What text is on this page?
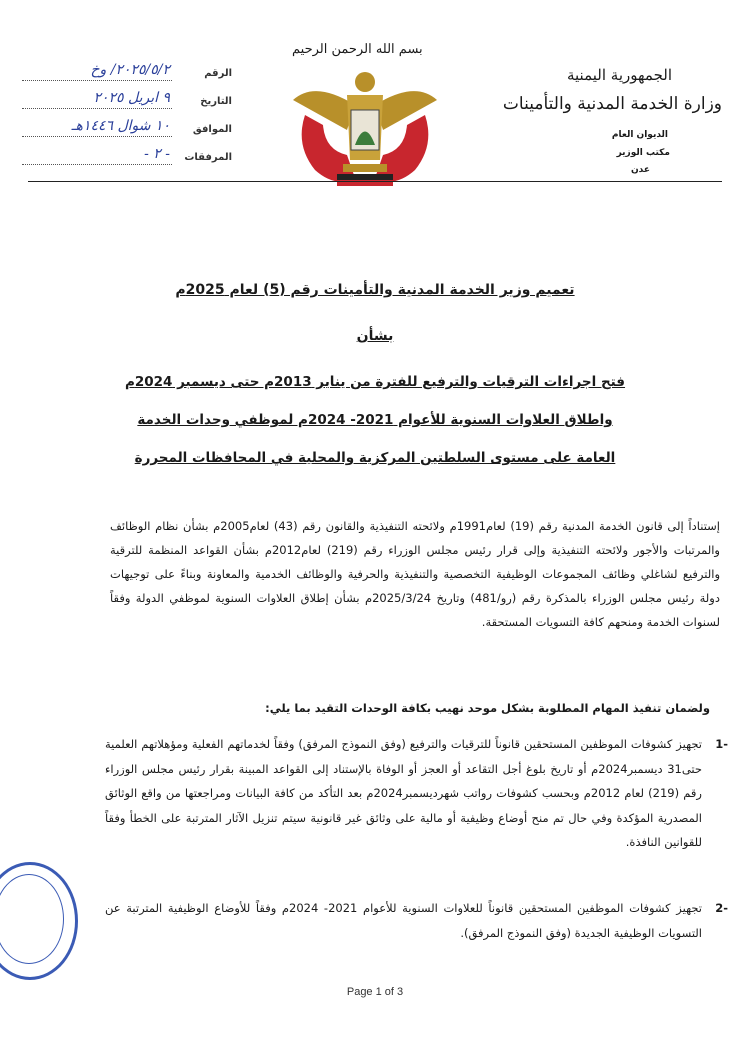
بسم الله الرحمن الرحيم
الجمهورية اليمنية
وزارة الخدمة المدنية والتأمينات
الديوان العام
مكتب الوزير
عدن
الرقم
٢٠٢٥/٥/٢/ وخ
التاريخ
٩ ابريل ٢٠٢٥
الموافق
١٠ شوال ١٤٤٦هـ
المرفقات
- ٢ -
تعميم وزير الخدمة المدنية والتأمينات رقم (5) لعام 2025م
بشأن
فتح اجراءات الترقيات والترفيع للفترة من يناير 2013م حتى ديسمبر 2024م
واطلاق العلاوات السنوية للأعوام 2021- 2024م لموظفي وحدات الخدمة
العامة على مستوى السلطتين المركزية والمحلية في المحافظات المحررة
إستناداً إلى قانون الخدمة المدنية رقم (19) لعام1991م ولائحته التنفيذية والقانون رقم (43) لعام2005م بشأن نظام الوظائف والمرتبات والأجور ولائحته التنفيذية وإلى قرار رئيس مجلس الوزراء رقم (219) لعام2012م بشأن القواعد المنظمة للترقية والترفيع لشاغلي وظائف المجموعات الوظيفية التخصصية والتنفيذية والحرفية والوظائف الخدمية والمعاونة وبناءً على توجيهات دولة رئيس مجلس الوزراء بالمذكرة رقم (رو/481) وتاريخ 2025/3/24م بشأن إطلاق العلاوات السنوية لموظفي الدولة وفقاً لسنوات الخدمة ومنحهم كافة التسويات المستحقة.
ولضمان تنفيذ المهام المطلوبة بشكل موحد نهيب بكافة الوحدات التقيد بما يلي:
-1
تجهيز كشوفات الموظفين المستحقين قانوناً للترقيات والترفيع (وفق النموذج المرفق) وفقاً لخدماتهم الفعلية ومؤهلاتهم العلمية حتى31 ديسمبر2024م أو تاريخ بلوغ أجل التقاعد أو العجز أو الوفاة بالإستناد إلى القواعد المبينة بقرار رئيس مجلس الوزراء رقم (219) لعام 2012م وبحسب كشوفات رواتب شهرديسمبر2024م بعد التأكد من كافة البيانات ومراجعتها من واقع الوثائق المصدرية المؤكدة وفي حال تم منح أوضاع وظيفية أو مالية على وثائق غير قانونية سيتم تنزيل الآثار المترتبة على الخطأ وفقاً للقوانين النافذة.
-2
تجهيز كشوفات الموظفين المستحقين قانوناً للعلاوات السنوية للأعوام 2021- 2024م وفقاً للأوضاع الوظيفية المترتبة عن التسويات الوظيفية الجديدة (وفق النموذج المرفق).
Page 1 of 3
